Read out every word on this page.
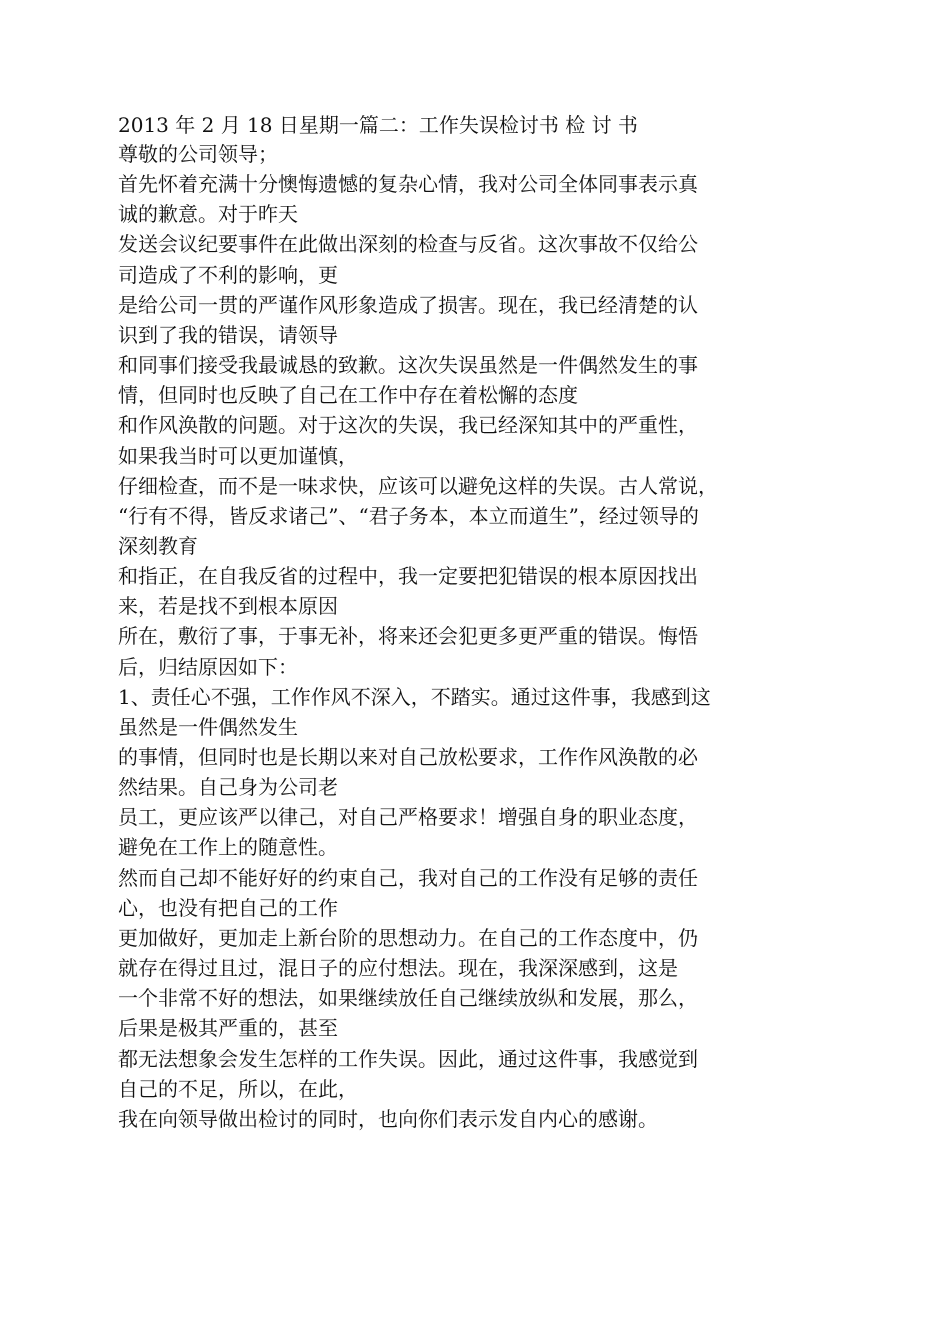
2013 年 2 月 18 日星期一篇二：工作失误检讨书 检 讨 书
尊敬的公司领导；
首先怀着充满十分懊悔遗憾的复杂心情，我对公司全体同事表示真
诚的歉意。对于昨天
发送会议纪要事件在此做出深刻的检查与反省。这次事故不仅给公
司造成了不利的影响，更
是给公司一贯的严谨作风形象造成了损害。现在，我已经清楚的认
识到了我的错误，请领导
和同事们接受我最诚恳的致歉。这次失误虽然是一件偶然发生的事
情，但同时也反映了自己在工作中存在着松懈的态度
和作风涣散的问题。对于这次的失误，我已经深知其中的严重性，
如果我当时可以更加谨慎，
仔细检查，而不是一味求快，应该可以避免这样的失误。古人常说，
“行有不得，皆反求诸己”、“君子务本，本立而道生”，经过领导的
深刻教育
和指正，在自我反省的过程中，我一定要把犯错误的根本原因找出
来，若是找不到根本原因
所在，敷衍了事，于事无补，将来还会犯更多更严重的错误。悔悟
后，归结原因如下：
1、责任心不强，工作作风不深入，不踏实。通过这件事，我感到这
虽然是一件偶然发生
的事情，但同时也是长期以来对自己放松要求，工作作风涣散的必
然结果。自己身为公司老
员工，更应该严以律己，对自己严格要求！增强自身的职业态度，
避免在工作上的随意性。
然而自己却不能好好的约束自己，我对自己的工作没有足够的责任
心，也没有把自己的工作
更加做好，更加走上新台阶的思想动力。在自己的工作态度中，仍
就存在得过且过，混日子的应付想法。现在，我深深感到，这是
一个非常不好的想法，如果继续放任自己继续放纵和发展，那么，
后果是极其严重的，甚至
都无法想象会发生怎样的工作失误。因此，通过这件事，我感觉到
自己的不足，所以，在此，
我在向领导做出检讨的同时，也向你们表示发自内心的感谢。
